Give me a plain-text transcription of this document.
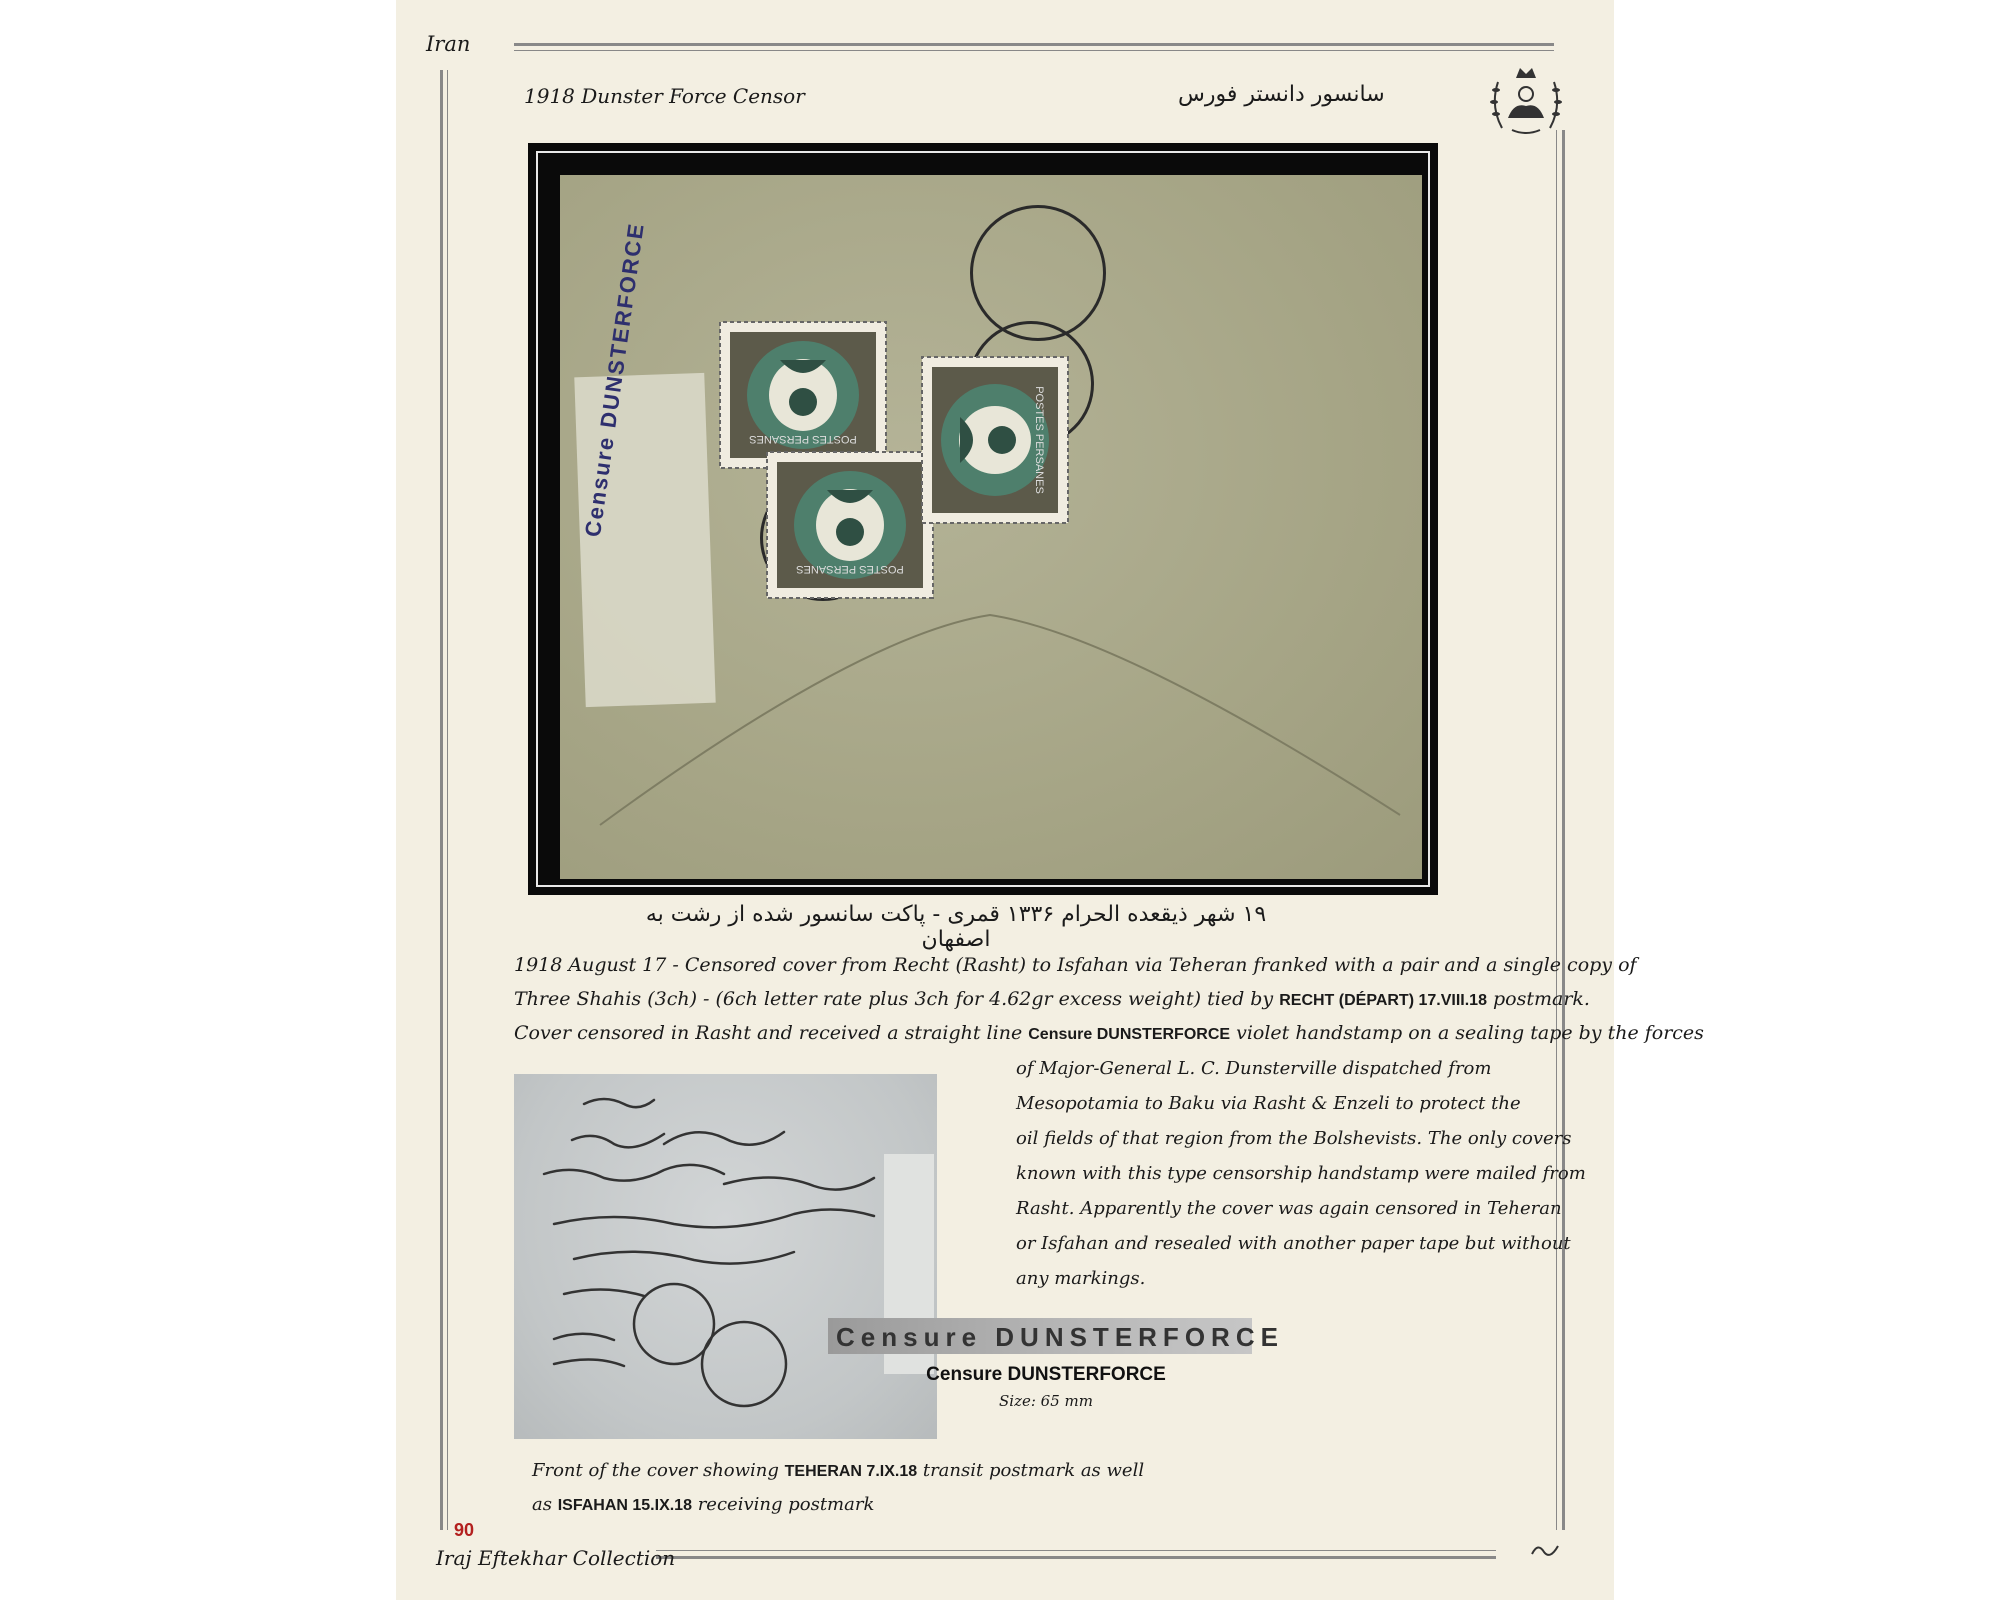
Iran
1918 Dunster Force Censor	سانسور دانستر فورس
Censure DUNSTERFORCE	POSTES PERSANES
POSTES PERSANES
POSTES PERSANES
۱۹ شهر ذیقعده الحرام ۱۳۳۶ قمری - پاکت سانسور شده از رشت به اصفهان
1918 August 17 - Censored cover from Recht (Rasht) to Isfahan via Teheran franked with a pair and a single copy of
Three Shahis (3ch) - (6ch letter rate plus 3ch for 4.62gr excess weight) tied by RECHT (DÉPART) 17.VIII.18 postmark.
Cover censored in Rasht and received a straight line Censure DUNSTERFORCE violet handstamp on a sealing tape by the forces
of Major-General L. C. Dunsterville dispatched from
Mesopotamia to Baku via Rasht & Enzeli to protect the
oil fields of that region from the Bolshevists. The only covers
known with this type censorship handstamp were mailed from
Rasht. Apparently the cover was again censored in Teheran
or Isfahan and resealed with another paper tape but without
any markings.
Censure DUNSTERFORCE
Censure DUNSTERFORCE
Size: 65 mm
Front of the cover showing TEHERAN 7.IX.18 transit postmark as well
as ISFAHAN 15.IX.18 receiving postmark
90
Iraj Eftekhar Collection
